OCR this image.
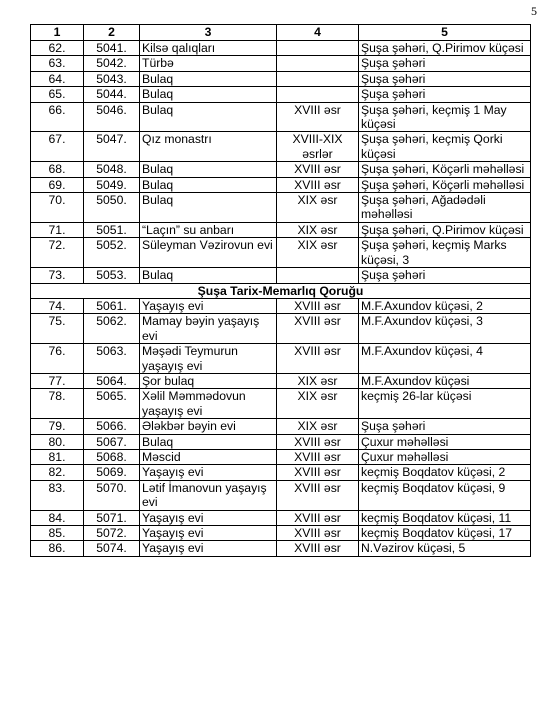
5
1	2	3	4	5
62.	5041.	Kilsə qalıqları		Şuşa şəhəri, Q.Pirimov küçəsi
63.	5042.	Türbə		Şuşa şəhəri
64.	5043.	Bulaq		Şuşa şəhəri
65.	5044.	Bulaq		Şuşa şəhəri
66.	5046.	Bulaq	XVIII əsr	Şuşa şəhəri, keçmiş 1 May küçəsi
67.	5047.	Qız monastrı	XVIII-XIX əsrlər	Şuşa şəhəri, keçmiş Qorki küçəsi
68.	5048.	Bulaq	XVIII əsr	Şuşa şəhəri, Köçərli məhəlləsi
69.	5049.	Bulaq	XVIII əsr	Şuşa şəhəri, Köçərli məhəlləsi
70.	5050.	Bulaq	XIX əsr	Şuşa şəhəri, Ağadədəli məhəlləsi
71.	5051.	“Laçın” su anbarı	XIX əsr	Şuşa şəhəri, Q.Pirimov küçəsi
72.	5052.	Süleyman Vəzirovun evi	XIX əsr	Şuşa şəhəri, keçmiş Marks küçəsi, 3
73.	5053.	Bulaq		Şuşa şəhəri
Şuşa Tarix-Memarlıq Qoruğu				
74.	5061.	Yaşayış evi	XVIII əsr	M.F.Axundov küçəsi, 2
75.	5062.	Mamay bəyin yaşayış evi	XVIII əsr	M.F.Axundov küçəsi, 3
76.	5063.	Məşədi Teymurun yaşayış evi	XVIII əsr	M.F.Axundov küçəsi, 4
77.	5064.	Şor bulaq	XIX əsr	M.F.Axundov küçəsi
78.	5065.	Xəlil Məmmədovun yaşayış evi	XIX əsr	keçmiş 26-lar küçəsi
79.	5066.	Ələkbər bəyin evi	XIX əsr	Şuşa şəhəri
80.	5067.	Bulaq	XVIII əsr	Çuxur məhəlləsi
81.	5068.	Məscid	XVIII əsr	Çuxur məhəlləsi
82.	5069.	Yaşayış evi	XVIII əsr	keçmiş Boqdatov küçəsi, 2
83.	5070.	Lətif İmanovun yaşayış evi	XVIII əsr	keçmiş Boqdatov küçəsi, 9
84.	5071.	Yaşayış evi	XVIII əsr	keçmiş Boqdatov küçəsi, 11
85.	5072.	Yaşayış evi	XVIII əsr	keçmiş Boqdatov küçəsi, 17
86.	5074.	Yaşayış evi	XVIII əsr	N.Vəzirov küçəsi, 5
